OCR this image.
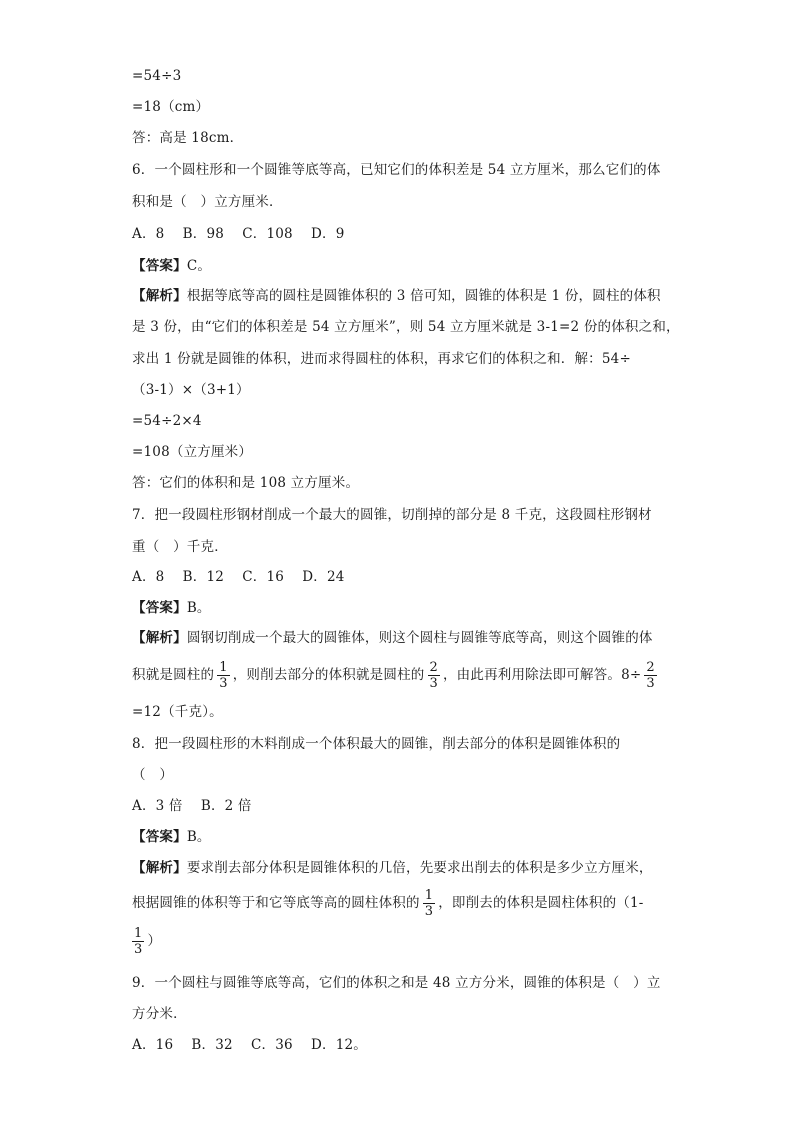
=54÷3
=18（cm）
答：高是 18cm．
6．一个圆柱形和一个圆锥等底等高，已知它们的体积差是 54 立方厘米，那么它们的体
积和是（　）立方厘米．
A．8　 B．98　 C．108　 D．9
【答案】C。
【解析】根据等底等高的圆柱是圆锥体积的 3 倍可知，圆锥的体积是 1 份，圆柱的体积
是 3 份，由“它们的体积差是 54 立方厘米”，则 54 立方厘米就是 3-1=2 份的体积之和，
求出 1 份就是圆锥的体积，进而求得圆柱的体积，再求它们的体积之和．解：54÷
（3-1）×（3+1）
=54÷2×4
=108（立方厘米）
答：它们的体积和是 108 立方厘米。
7．把一段圆柱形钢材削成一个最大的圆锥，切削掉的部分是 8 千克，这段圆柱形钢材
重（　）千克．
A．8　 B．12　 C．16　 D．24
【答案】B。
【解析】圆钢切削成一个最大的圆锥体，则这个圆柱与圆锥等底等高，则这个圆锥的体
积就是圆柱的 $\frac{1}{3}$ ，则削去部分的体积就是圆柱的 $\frac{2}{3}$ ，由此再利用除法即可解答。$8\div \frac{2}{3}$
=12（千克）。
8．把一段圆柱形的木料削成一个体积最大的圆锥，削去部分的体积是圆锥体积的
（　）
A．3 倍　 B．2 倍
【答案】B。
【解析】要求削去部分体积是圆锥体积的几倍，先要求出削去的体积是多少立方厘米，
根据圆锥的体积等于和它等底等高的圆柱体积的 $\frac{1}{3}$ ，即削去的体积是圆柱体积的（1-
$\frac{1}{3}$ ）
9．一个圆柱与圆锥等底等高，它们的体积之和是 48 立方分米，圆锥的体积是（　）立
方分米．
A．16　 B．32　 C．36　 D．12。
